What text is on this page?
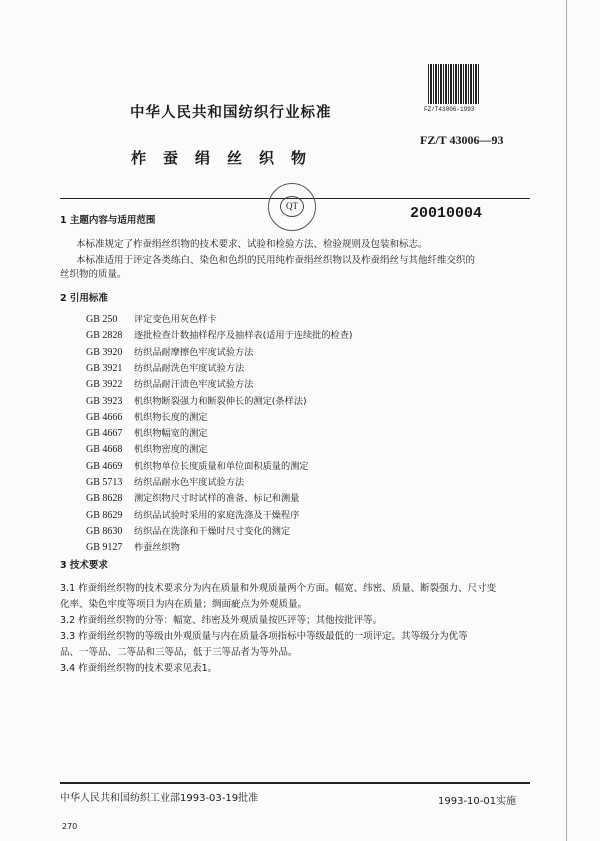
FZ/T43006-1993
中华人民共和国纺织行业标准
FZ/T 43006—93
柞蚕绢丝织物
QT	20010004
1 主题内容与适用范围
本标准规定了柞蚕绢丝织物的技术要求、试验和检验方法、检验规则及包装和标志。
本标准适用于评定各类练白、染色和色织的民用纯柞蚕绢丝织物以及柞蚕绢丝与其他纤维交织的
丝织物的质量。
2 引用标准
GB 250 评定变色用灰色样卡
GB 2828 逐批检查计数抽样程序及抽样表(适用于连续批的检查)
GB 3920 纺织品耐摩擦色牢度试验方法
GB 3921 纺织品耐洗色牢度试验方法
GB 3922 纺织品耐汗渍色牢度试验方法
GB 3923 机织物断裂强力和断裂伸长的测定(条样法)
GB 4666 机织物长度的测定
GB 4667 机织物幅宽的测定
GB 4668 机织物密度的测定
GB 4669 机织物单位长度质量和单位面积质量的测定
GB 5713 纺织品耐水色牢度试验方法
GB 8628 测定织物尺寸时试样的准备、标记和测量
GB 8629 纺织品试验时采用的家庭洗涤及干燥程序
GB 8630 纺织品在洗涤和干燥时尺寸变化的测定
GB 9127 柞蚕丝织物
3 技术要求
3.1 柞蚕绢丝织物的技术要求分为内在质量和外观质量两个方面。幅宽、纬密、质量、断裂强力、尺寸变
化率、染色牢度等项目为内在质量；绸面疵点为外观质量。
3.2 柞蚕绢丝织物的分等：幅宽、纬密及外观质量按匹评等；其他按批评等。
3.3 柞蚕绢丝织物的等级由外观质量与内在质量各项指标中等级最低的一项评定。其等级分为优等
品、一等品、二等品和三等品，低于三等品者为等外品。
3.4 柞蚕绢丝织物的技术要求见表1。
中华人民共和国纺织工业部1993-03-19批准	1993-10-01实施
270
